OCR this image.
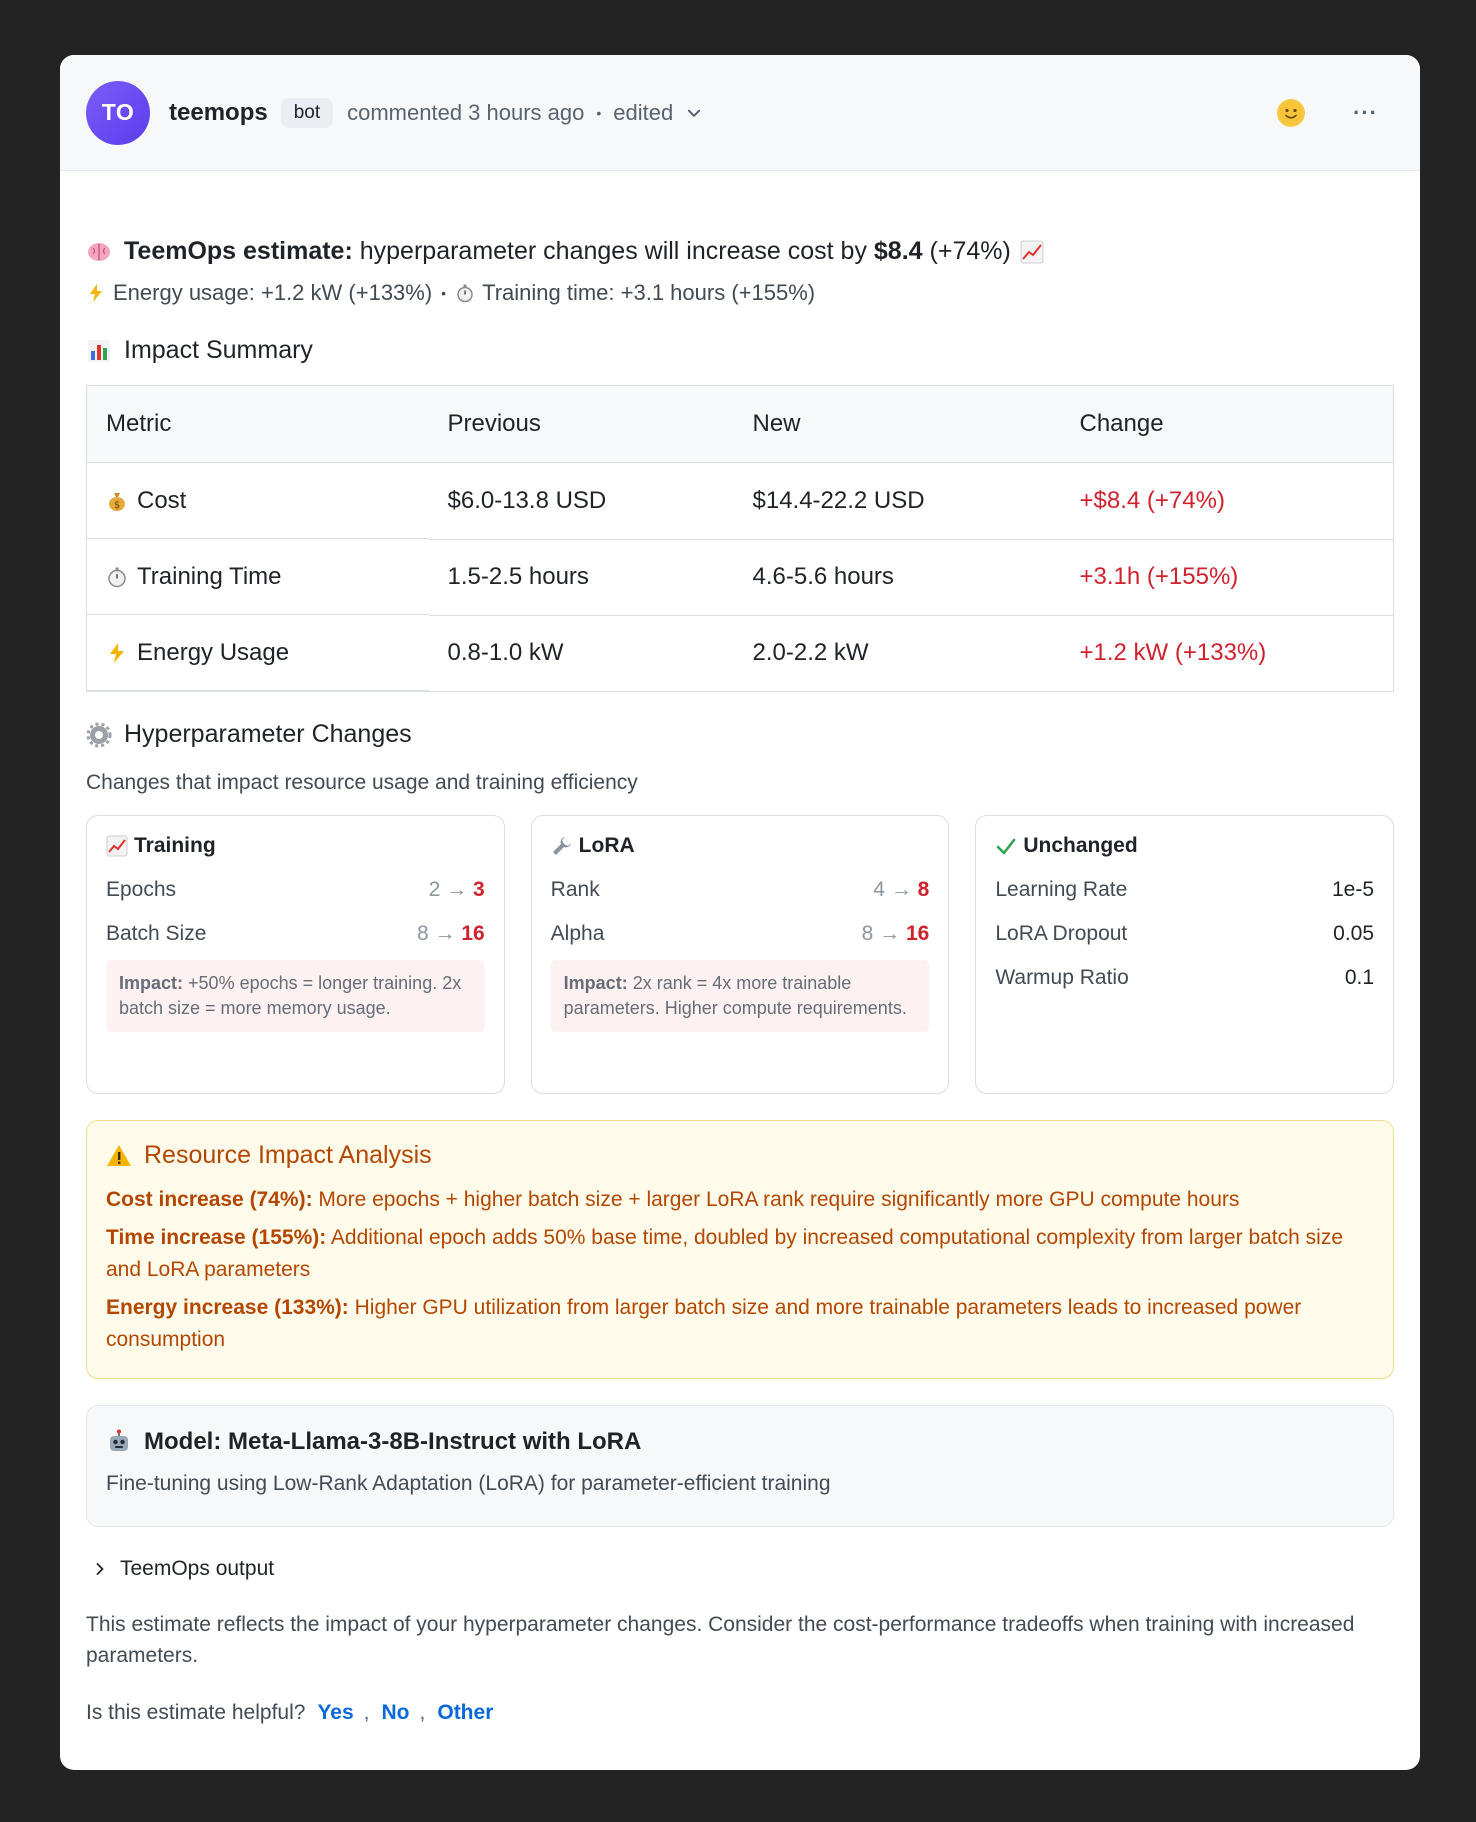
TO	teemops	bot	commented 3 hours ago • edited	···
TeemOps estimate:
hyperparameter changes will increase cost by
$8.4
(+74%)
Energy usage: +1.2 kW (+133%) • Training time: +3.1 hours (+155%)
Impact Summary
Metric	Previous	New	Change

$ Cost	$6.0-13.8 USD	$14.4-22.2 USD	+$8.4 (+74%)

Training Time	1.5-2.5 hours	4.6-5.6 hours	+3.1h (+155%)

Energy Usage	0.8-1.0 kW	2.0-2.2 kW	+1.2 kW (+133%)
Hyperparameter Changes
Changes that impact resource usage and training efficiency
Training
Epochs	2 → 3
Batch Size	8 → 16
Impact: +50% epochs = longer training. 2x batch size = more memory usage.
LoRA
Rank	4 → 8
Alpha	8 → 16
Impact: 2x rank = 4x more trainable parameters. Higher compute requirements.
Unchanged
Learning Rate	1e-5
LoRA Dropout	0.05
Warmup Ratio	0.1
Resource Impact Analysis

Cost increase (74%): More epochs + higher batch size + larger LoRA rank require significantly more GPU compute hours

Time increase (155%): Additional epoch adds 50% base time, doubled by increased computational complexity from larger batch size and LoRA parameters

Energy increase (133%): Higher GPU utilization from larger batch size and more trainable parameters leads to increased power consumption

Model: Meta-Llama-3-8B-Instruct with LoRA
Fine-tuning using Low-Rank Adaptation (LoRA) for parameter-efficient training
TeemOps output

This estimate reflects the impact of your hyperparameter changes. Consider the cost-performance tradeoffs when training with increased parameters.

Is this estimate helpful? Yes , No , Other
